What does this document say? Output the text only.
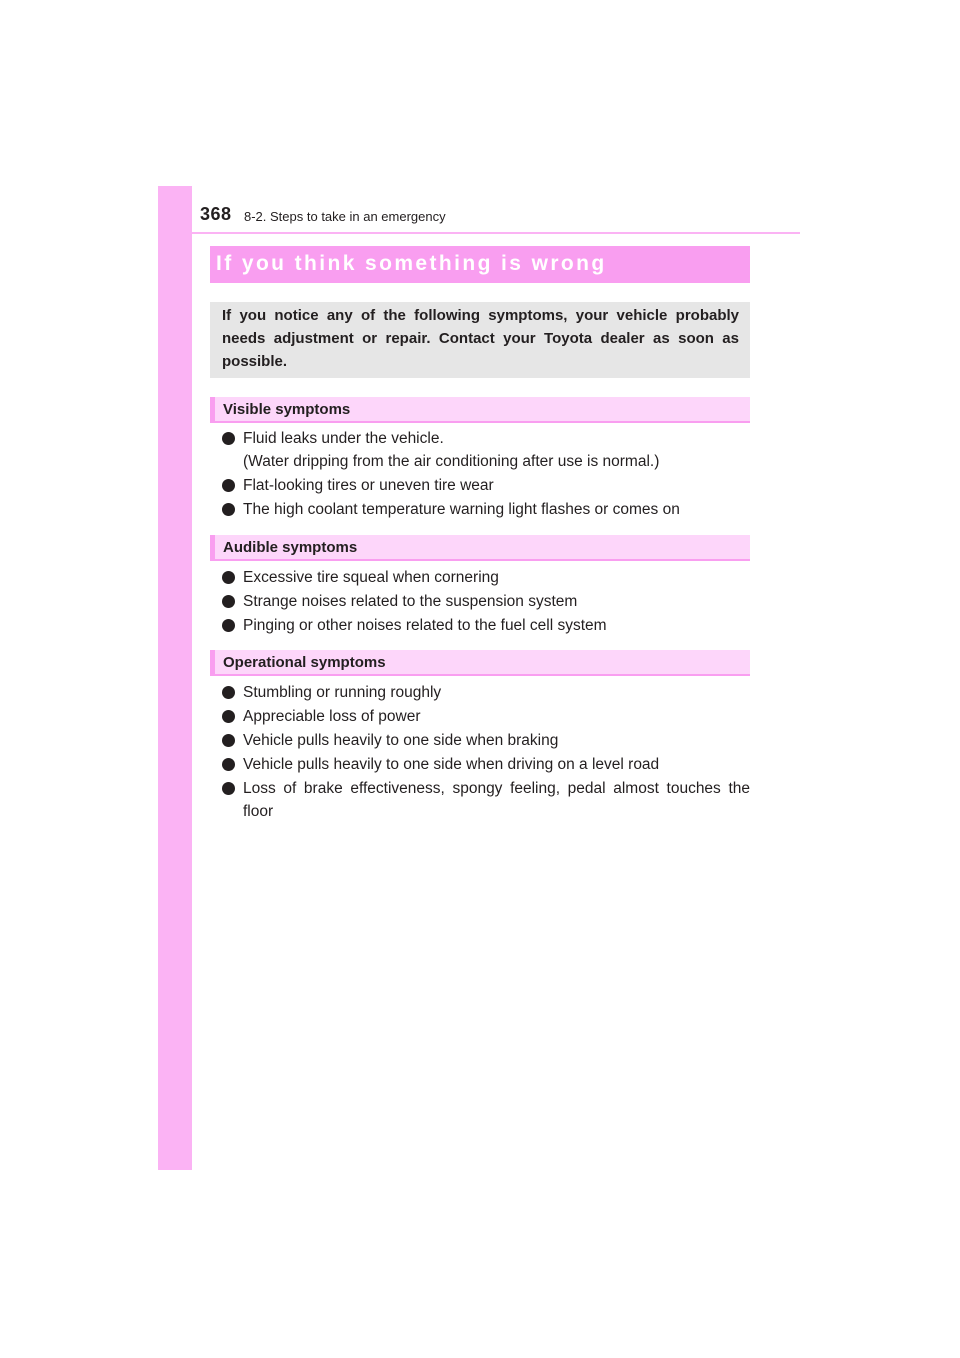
368 8-2. Steps to take in an emergency
If you think something is wrong
If you notice any of the following symptoms, your vehicle probably needs adjustment or repair. Contact your Toyota dealer as soon as possible.
Visible symptoms
Fluid leaks under the vehicle.
(Water dripping from the air conditioning after use is normal.)
Flat-looking tires or uneven tire wear
The high coolant temperature warning light flashes or comes on
Audible symptoms
Excessive tire squeal when cornering
Strange noises related to the suspension system
Pinging or other noises related to the fuel cell system
Operational symptoms
Stumbling or running roughly
Appreciable loss of power
Vehicle pulls heavily to one side when braking
Vehicle pulls heavily to one side when driving on a level road
Loss of brake effectiveness, spongy feeling, pedal almost touches the floor
